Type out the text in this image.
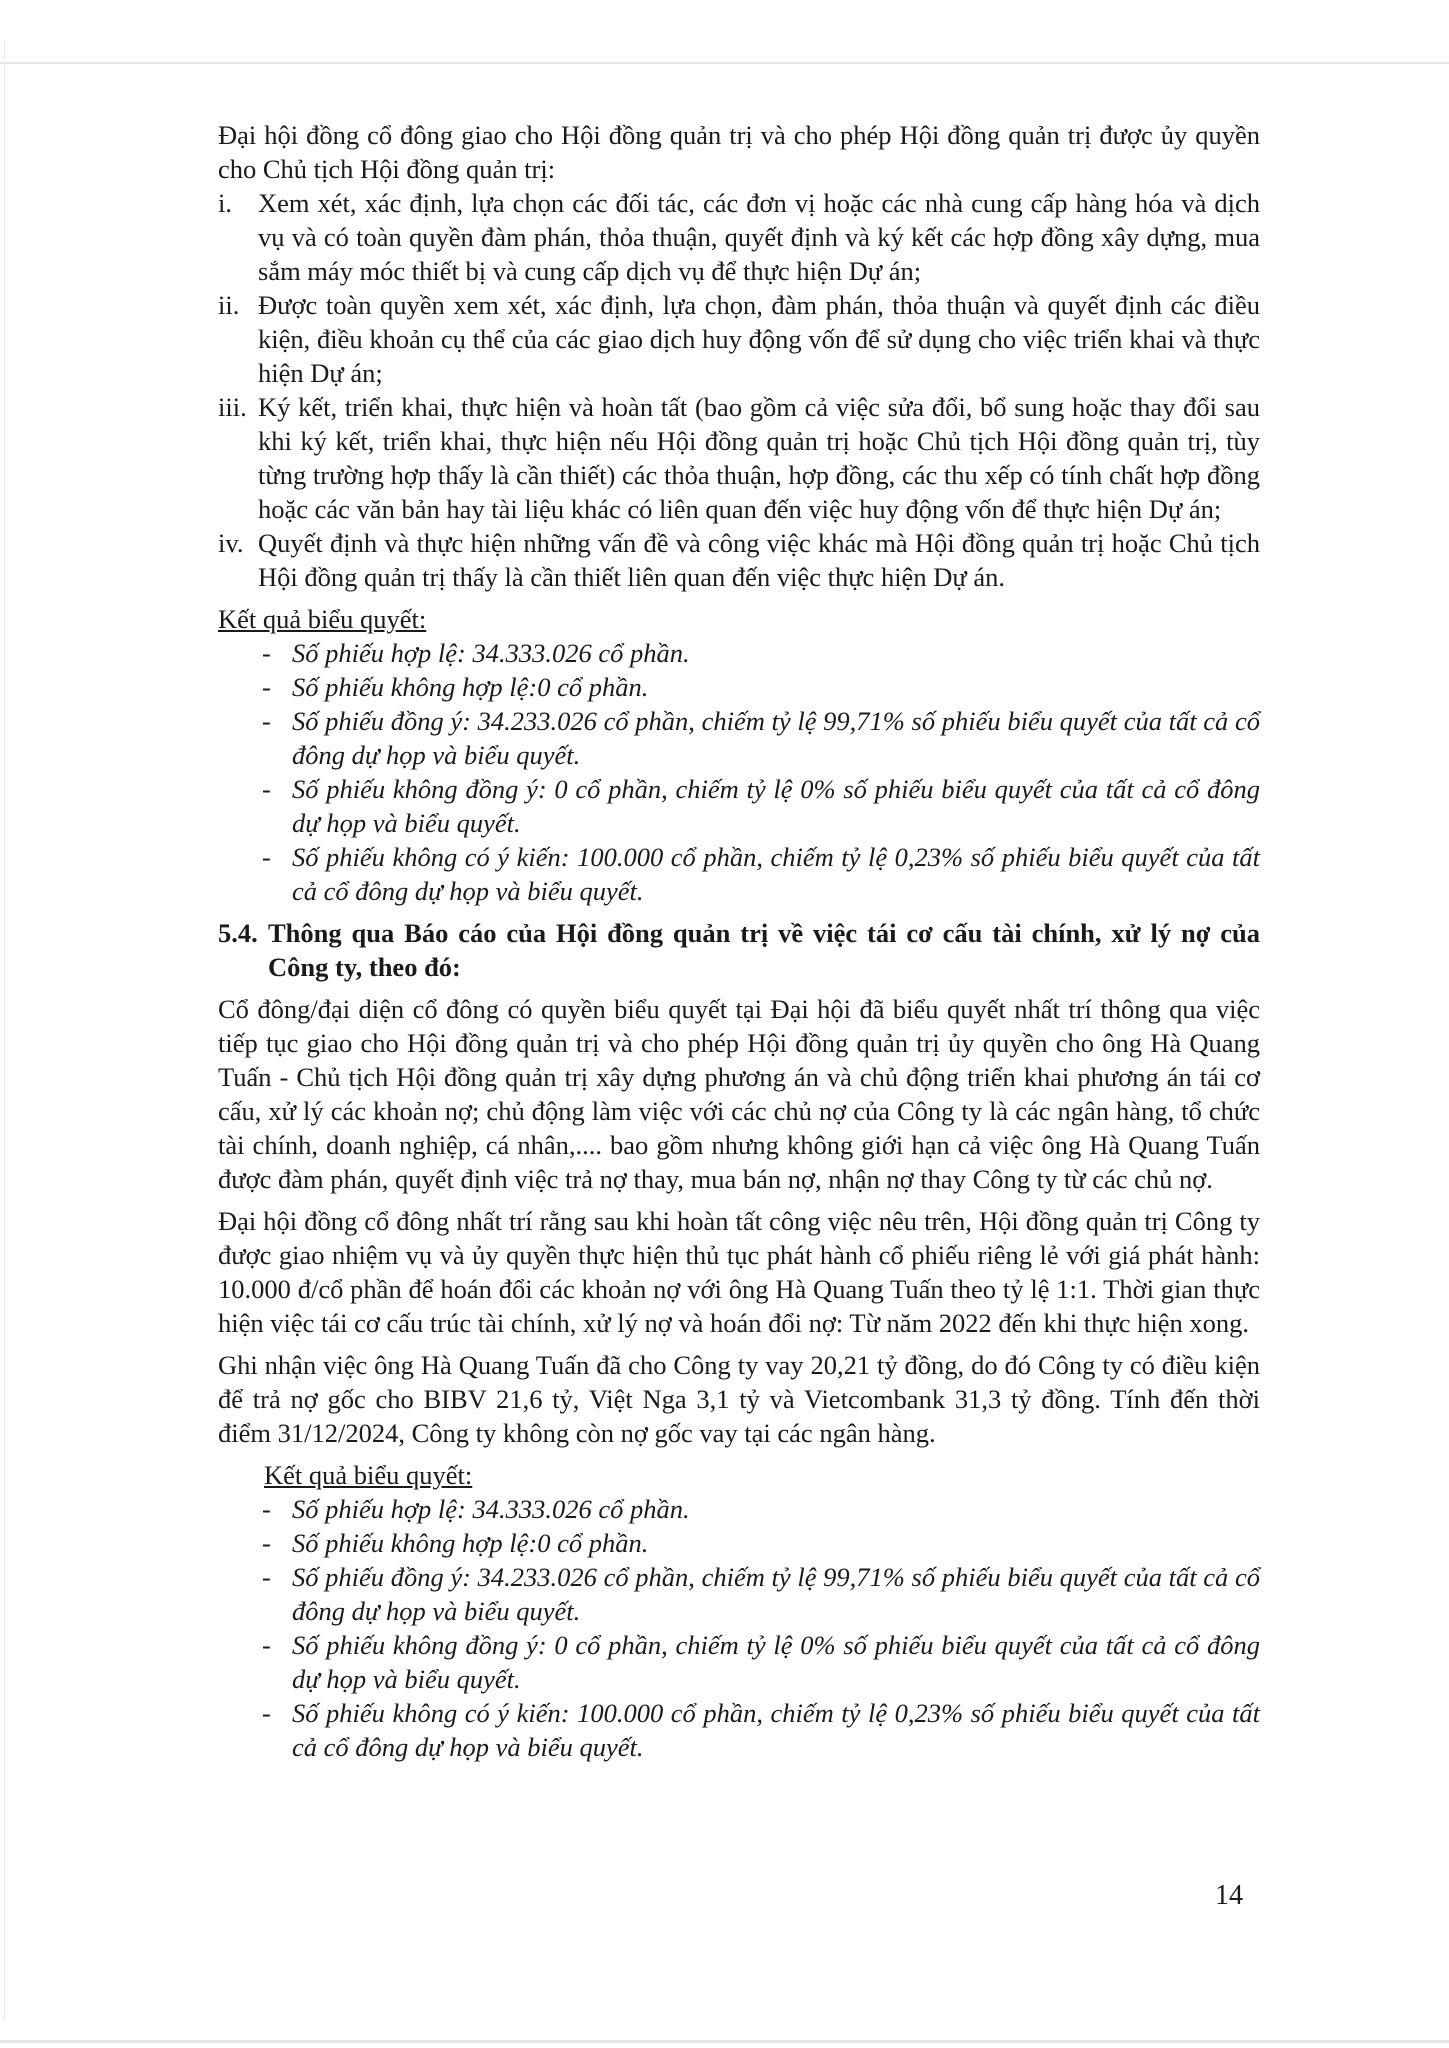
Đại hội đồng cổ đông giao cho Hội đồng quản trị và cho phép Hội đồng quản trị được ủy quyền cho Chủ tịch Hội đồng quản trị:

i. Xem xét, xác định, lựa chọn các đối tác, các đơn vị hoặc các nhà cung cấp hàng hóa và dịch vụ và có toàn quyền đàm phán, thỏa thuận, quyết định và ký kết các hợp đồng xây dựng, mua sắm máy móc thiết bị và cung cấp dịch vụ để thực hiện Dự án;
ii. Được toàn quyền xem xét, xác định, lựa chọn, đàm phán, thỏa thuận và quyết định các điều kiện, điều khoản cụ thể của các giao dịch huy động vốn để sử dụng cho việc triển khai và thực hiện Dự án;
iii. Ký kết, triển khai, thực hiện và hoàn tất (bao gồm cả việc sửa đổi, bổ sung hoặc thay đổi sau khi ký kết, triển khai, thực hiện nếu Hội đồng quản trị hoặc Chủ tịch Hội đồng quản trị, tùy từng trường hợp thấy là cần thiết) các thỏa thuận, hợp đồng, các thu xếp có tính chất hợp đồng hoặc các văn bản hay tài liệu khác có liên quan đến việc huy động vốn để thực hiện Dự án;
iv. Quyết định và thực hiện những vấn đề và công việc khác mà Hội đồng quản trị hoặc Chủ tịch Hội đồng quản trị thấy là cần thiết liên quan đến việc thực hiện Dự án.
Kết quả biểu quyết:
- Số phiếu hợp lệ: 34.333.026 cổ phần.
- Số phiếu không hợp lệ:0 cổ phần.
- Số phiếu đồng ý: 34.233.026 cổ phần, chiếm tỷ lệ 99,71% số phiếu biểu quyết của tất cả cổ đông dự họp và biểu quyết.
- Số phiếu không đồng ý: 0 cổ phần, chiếm tỷ lệ 0% số phiếu biểu quyết của tất cả cổ đông dự họp và biểu quyết.
- Số phiếu không có ý kiến: 100.000 cổ phần, chiếm tỷ lệ 0,23% số phiếu biểu quyết của tất cả cổ đông dự họp và biểu quyết.
5.4. Thông qua Báo cáo của Hội đồng quản trị về việc tái cơ cấu tài chính, xử lý nợ của Công ty, theo đó:

Cổ đông/đại diện cổ đông có quyền biểu quyết tại Đại hội đã biểu quyết nhất trí thông qua việc tiếp tục giao cho Hội đồng quản trị và cho phép Hội đồng quản trị ủy quyền cho ông Hà Quang Tuấn - Chủ tịch Hội đồng quản trị xây dựng phương án và chủ động triển khai phương án tái cơ cấu, xử lý các khoản nợ; chủ động làm việc với các chủ nợ của Công ty là các ngân hàng, tổ chức tài chính, doanh nghiệp, cá nhân,.... bao gồm nhưng không giới hạn cả việc ông Hà Quang Tuấn được đàm phán, quyết định việc trả nợ thay, mua bán nợ, nhận nợ thay Công ty từ các chủ nợ.

Đại hội đồng cổ đông nhất trí rằng sau khi hoàn tất công việc nêu trên, Hội đồng quản trị Công ty được giao nhiệm vụ và ủy quyền thực hiện thủ tục phát hành cổ phiếu riêng lẻ với giá phát hành: 10.000 đ/cổ phần để hoán đổi các khoản nợ với ông Hà Quang Tuấn theo tỷ lệ 1:1. Thời gian thực hiện việc tái cơ cấu trúc tài chính, xử lý nợ và hoán đổi nợ: Từ năm 2022 đến khi thực hiện xong.

Ghi nhận việc ông Hà Quang Tuấn đã cho Công ty vay 20,21 tỷ đồng, do đó Công ty có điều kiện để trả nợ gốc cho BIBV 21,6 tỷ, Việt Nga 3,1 tỷ và Vietcombank 31,3 tỷ đồng. Tính đến thời điểm 31/12/2024, Công ty không còn nợ gốc vay tại các ngân hàng.

Kết quả biểu quyết:
- Số phiếu hợp lệ: 34.333.026 cổ phần.
- Số phiếu không hợp lệ:0 cổ phần.
- Số phiếu đồng ý: 34.233.026 cổ phần, chiếm tỷ lệ 99,71% số phiếu biểu quyết của tất cả cổ đông dự họp và biểu quyết.
- Số phiếu không đồng ý: 0 cổ phần, chiếm tỷ lệ 0% số phiếu biểu quyết của tất cả cổ đông dự họp và biểu quyết.
- Số phiếu không có ý kiến: 100.000 cổ phần, chiếm tỷ lệ 0,23% số phiếu biểu quyết của tất cả cổ đông dự họp và biểu quyết.
14
